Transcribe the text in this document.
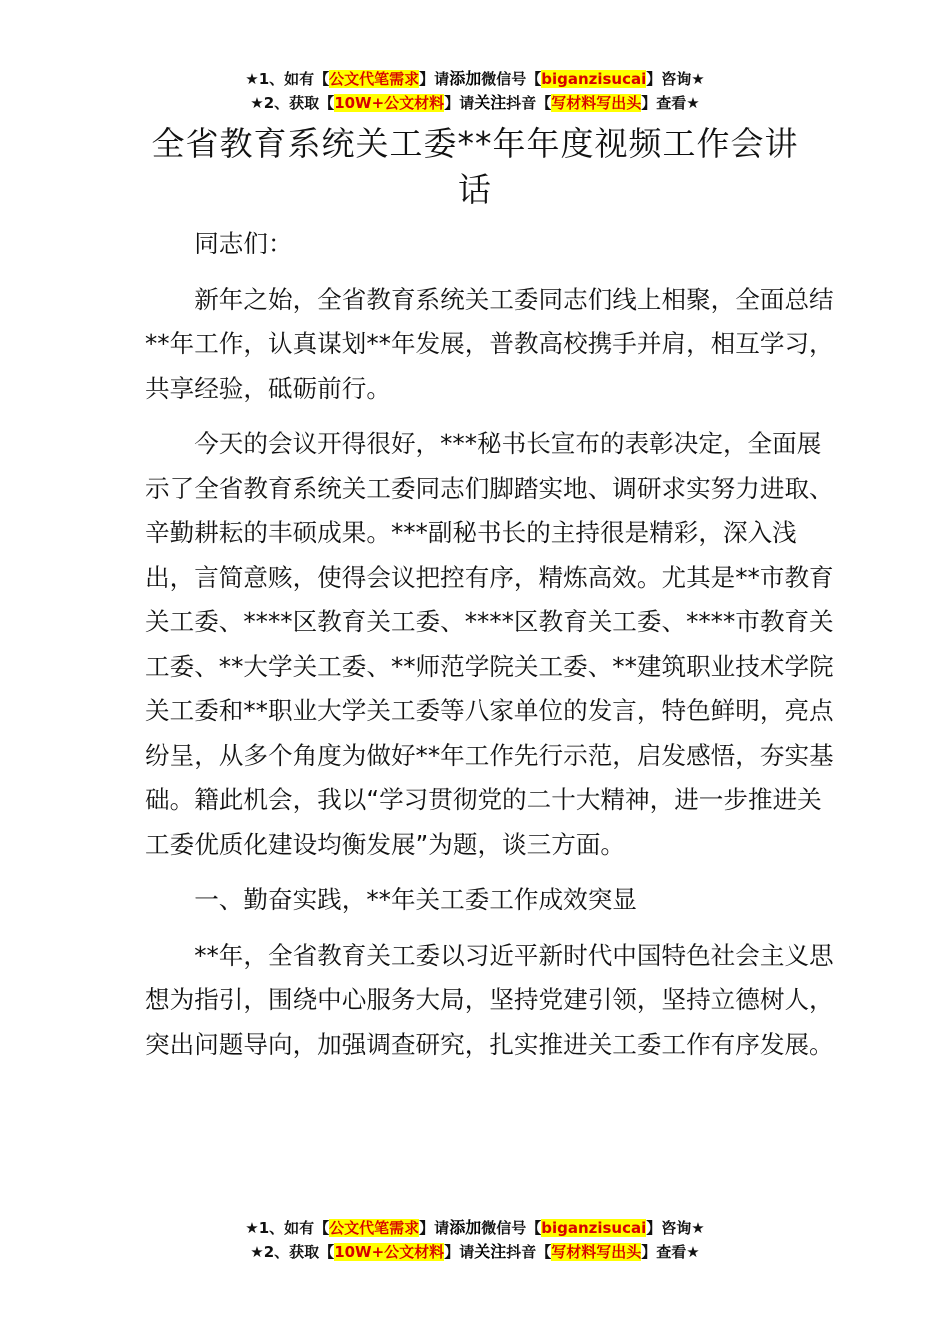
★1、如有【公文代笔需求】请添加微信号【biganzisucai】咨询★
★2、获取【10W+公文材料】请关注抖音【写材料写出头】查看★
全省教育系统关工委**年年度视频工作会讲话

同志们：

新年之始，全省教育系统关工委同志们线上相聚，全面总结**年工作，认真谋划**年发展，普教高校携手并肩，相互学习，共享经验，砥砺前行。

今天的会议开得很好，***秘书长宣布的表彰决定，全面展示了全省教育系统关工委同志们脚踏实地、调研求实努力进取、辛勤耕耘的丰硕成果。***副秘书长的主持很是精彩，深入浅出，言简意赅，使得会议把控有序，精炼高效。尤其是**市教育关工委、****区教育关工委、****区教育关工委、****市教育关工委、**大学关工委、**师范学院关工委、**建筑职业技术学院关工委和**职业大学关工委等八家单位的发言，特色鲜明，亮点纷呈，从多个角度为做好**年工作先行示范，启发感悟，夯实基础。籍此机会，我以“学习贯彻党的二十大精神，进一步推进关工委优质化建设均衡发展”为题，谈三方面。

一、勤奋实践，**年关工委工作成效突显

**年，全省教育关工委以习近平新时代中国特色社会主义思想为指引，围绕中心服务大局，坚持党建引领，坚持立德树人，突出问题导向，加强调查研究，扎实推进关工委工作有序发展。

★1、如有【公文代笔需求】请添加微信号【biganzisucai】咨询★
★2、获取【10W+公文材料】请关注抖音【写材料写出头】查看★
